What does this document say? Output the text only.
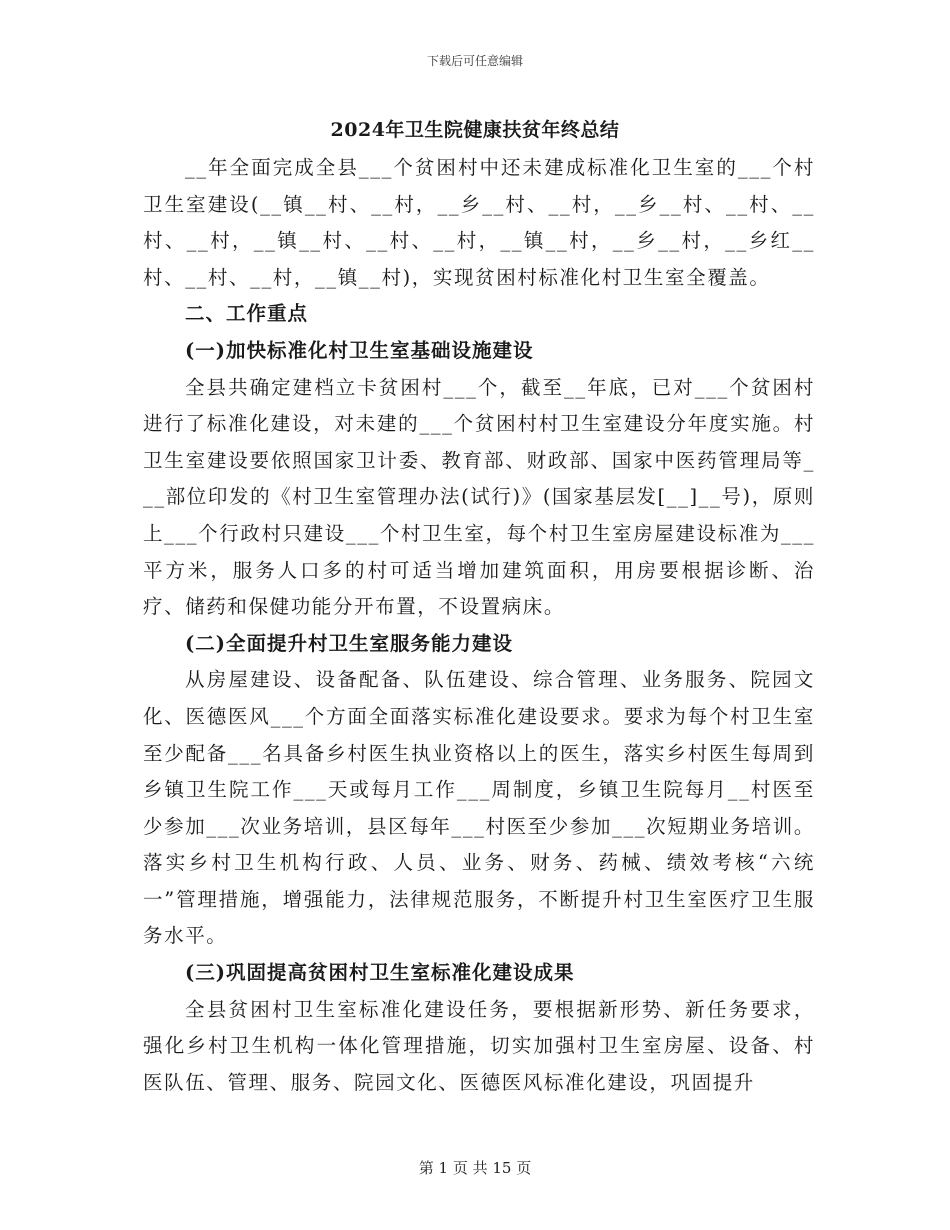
下载后可任意编辑
2024年卫生院健康扶贫年终总结

__年全面完成全县___个贫困村中还未建成标准化卫生室的___个村卫生室建设(__镇__村、__村，__乡__村、__村，__乡__村、__村、__村、__村，__镇__村、__村、__村，__镇__村，__乡__村，__乡红__村、__村、__村，__镇__村)，实现贫困村标准化村卫生室全覆盖。

二、工作重点

(一)加快标准化村卫生室基础设施建设

全县共确定建档立卡贫困村___个，截至__年底，已对___个贫困村进行了标准化建设，对未建的___个贫困村村卫生室建设分年度实施。村卫生室建设要依照国家卫计委、教育部、财政部、国家中医药管理局等___部位印发的《村卫生室管理办法(试行)》(国家基层发[__]__号)，原则上___个行政村只建设___个村卫生室，每个村卫生室房屋建设标准为___平方米，服务人口多的村可适当增加建筑面积，用房要根据诊断、治疗、储药和保健功能分开布置，不设置病床。

(二)全面提升村卫生室服务能力建设

从房屋建设、设备配备、队伍建设、综合管理、业务服务、院园文化、医德医风___个方面全面落实标准化建设要求。要求为每个村卫生室至少配备___名具备乡村医生执业资格以上的医生，落实乡村医生每周到乡镇卫生院工作___天或每月工作___周制度，乡镇卫生院每月__村医至少参加___次业务培训，县区每年___村医至少参加___次短期业务培训。落实乡村卫生机构行政、人员、业务、财务、药械、绩效考核“六统一”管理措施，增强能力，法律规范服务，不断提升村卫生室医疗卫生服务水平。

(三)巩固提高贫困村卫生室标准化建设成果

全县贫困村卫生室标准化建设任务，要根据新形势、新任务要求，强化乡村卫生机构一体化管理措施，切实加强村卫生室房屋、设备、村医队伍、管理、服务、院园文化、医德医风标准化建设，巩固提升

第 1 页 共 15 页
